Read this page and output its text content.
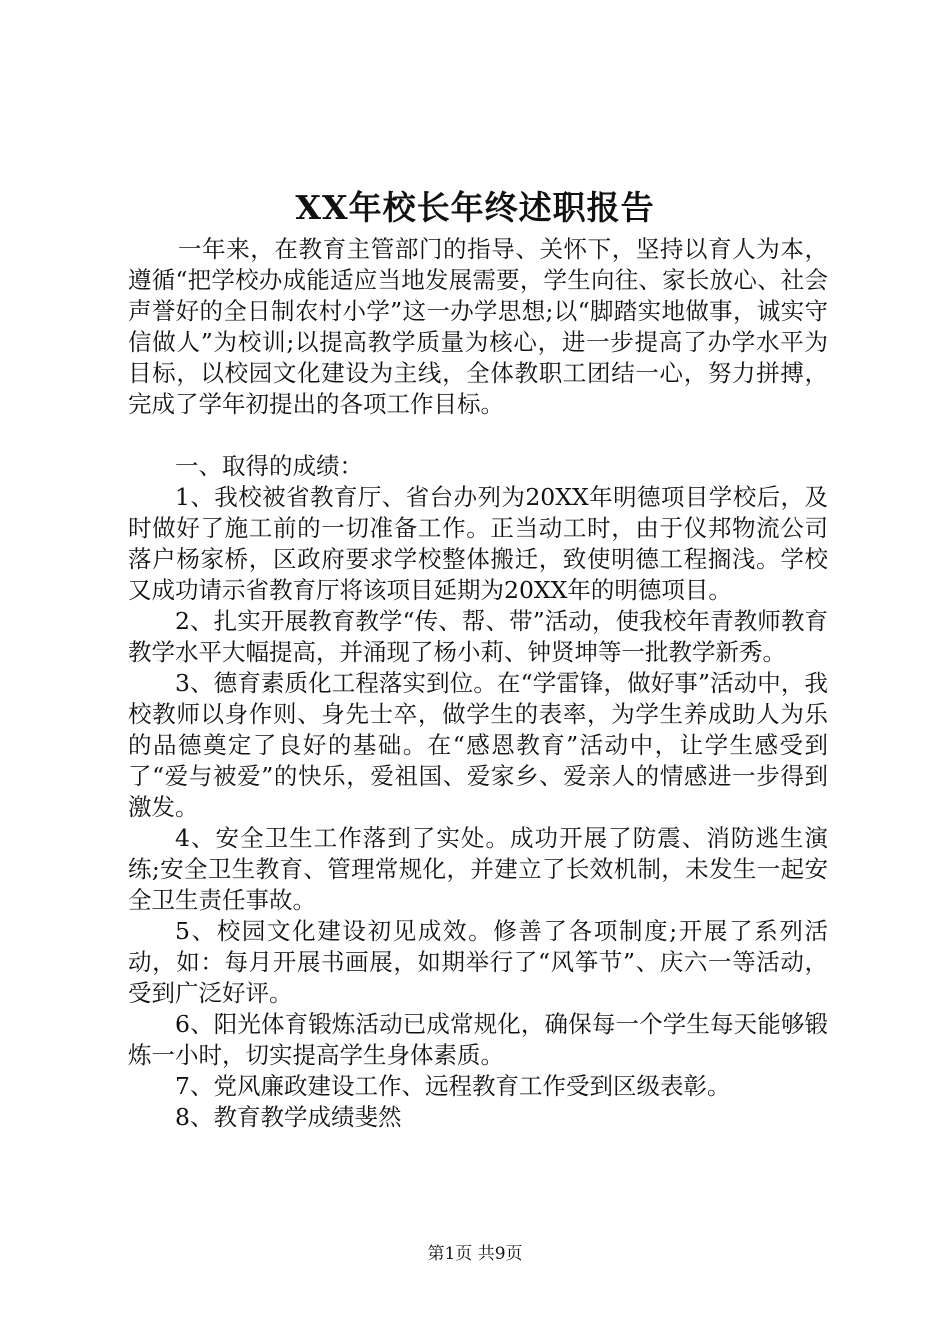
XX年校长年终述职报告

一年来，在教育主管部门的指导、关怀下，坚持以育人为本，遵循“把学校办成能适应当地发展需要，学生向往、家长放心、社会声誉好的全日制农村小学”这一办学思想;以“脚踏实地做事，诚实守信做人”为校训;以提高教学质量为核心，进一步提高了办学水平为目标，以校园文化建设为主线，全体教职工团结一心，努力拼搏，完成了学年初提出的各项工作目标。

一、取得的成绩：

1、我校被省教育厅、省台办列为20XX年明德项目学校后，及时做好了施工前的一切准备工作。正当动工时，由于仪邦物流公司落户杨家桥，区政府要求学校整体搬迁，致使明德工程搁浅。学校又成功请示省教育厅将该项目延期为20XX年的明德项目。

2、扎实开展教育教学“传、帮、带”活动，使我校年青教师教育教学水平大幅提高，并涌现了杨小莉、钟贤坤等一批教学新秀。

3、德育素质化工程落实到位。在“学雷锋，做好事”活动中，我校教师以身作则、身先士卒，做学生的表率，为学生养成助人为乐的品德奠定了良好的基础。在“感恩教育”活动中，让学生感受到了“爱与被爱”的快乐，爱祖国、爱家乡、爱亲人的情感进一步得到激发。

4、安全卫生工作落到了实处。成功开展了防震、消防逃生演练;安全卫生教育、管理常规化，并建立了长效机制，未发生一起安全卫生责任事故。

5、校园文化建设初见成效。修善了各项制度;开展了系列活动，如：每月开展书画展，如期举行了“风筝节”、庆六一等活动，受到广泛好评。

6、阳光体育锻炼活动已成常规化，确保每一个学生每天能够锻炼一小时，切实提高学生身体素质。

7、党风廉政建设工作、远程教育工作受到区级表彰。

8、教育教学成绩斐然

第1页 共9页
